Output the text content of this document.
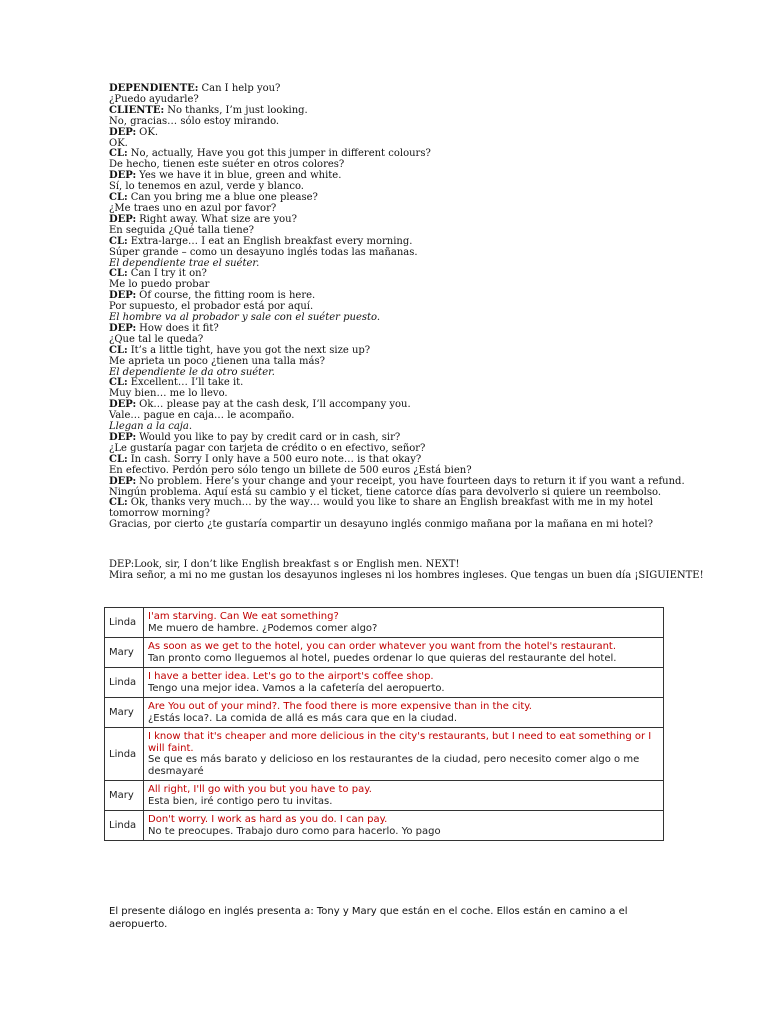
DEPENDIENTE: Can I help you?
¿Puedo ayudarle?
CLIENTE: No thanks, I’m just looking.
No, gracias… sólo estoy mirando.
DEP: OK.
OK.
CL: No, actually, Have you got this jumper in different colours?
De hecho, tienen este suéter en otros colores?
DEP: Yes we have it in blue, green and white.
Sí, lo tenemos en azul, verde y blanco.
CL: Can you bring me a blue one please?
¿Me traes uno en azul por favor?
DEP: Right away. What size are you?
En seguida ¿Qué talla tiene?
CL: Extra-large… I eat an English breakfast every morning.
Súper grande – como un desayuno inglés todas las mañanas.
El dependiente trae el suéter.
CL: Can I try it on?
Me lo puedo probar
DEP: Of course, the fitting room is here.
Por supuesto, el probador está por aquí.
El hombre va al probador y sale con el suéter puesto.
DEP: How does it fit?
¿Que tal le queda?
CL: It’s a little tight, have you got the next size up?
Me aprieta un poco ¿tienen una talla más?
El dependiente le da otro suéter.
CL: Excellent… I’ll take it.
Muy bien… me lo llevo.
DEP: Ok… please pay at the cash desk, I’ll accompany you.
Vale… pague en caja… le acompaño.
Llegan a la caja.
DEP: Would you like to pay by credit card or in cash, sir?
¿Le gustaría pagar con tarjeta de crédito o en efectivo, señor?
CL: In cash. Sorry I only have a 500 euro note… is that okay?
En efectivo. Perdón pero sólo tengo un billete de 500 euros ¿Está bien?
DEP: No problem. Here’s your change and your receipt, you have fourteen days to return it if you want a refund.
Ningún problema. Aquí está su cambio y el ticket, tiene catorce días para devolverlo si quiere un reembolso.
CL: Ok, thanks very much… by the way… would you like to share an English breakfast with me in my hotel tomorrow morning?
Gracias, por cierto ¿te gustaría compartir un desayuno inglés conmigo mañana por la mañana en mi hotel?
DEP:Look, sir, I don’t like English breakfast s or English men. NEXT!
Mira señor, a mi no me gustan los desayunos ingleses ni los hombres ingleses. Que tengas un buen día ¡SIGUIENTE!
Linda	I'am starving. Can We eat something?
Me muero de hambre. ¿Podemos comer algo?

Mary	As soon as we get to the hotel, you can order whatever you want from the hotel's restaurant.
Tan pronto como lleguemos al hotel, puedes ordenar lo que quieras del restaurante del hotel.

Linda	I have a better idea. Let's go to the airport's coffee shop.
Tengo una mejor idea. Vamos a la cafetería del aeropuerto.

Mary	Are You out of your mind?. The food there is more expensive than in the city.
¿Estás loca?. La comida de allá es más cara que en la ciudad.

Linda	I know that it's cheaper and more delicious in the city's restaurants, but I need to eat something or I will faint.
Se que es más barato y delicioso en los restaurantes de la ciudad, pero necesito comer algo o me desmayaré

Mary	All right, I'll go with you but you have to pay.
Esta bien, iré contigo pero tu invitas.

Linda	Don't worry. I work as hard as you do. I can pay.
No te preocupes. Trabajo duro como para hacerlo. Yo pago
El presente diálogo en inglés presenta a: Tony y Mary que están en el coche. Ellos están en camino a el aeropuerto.
